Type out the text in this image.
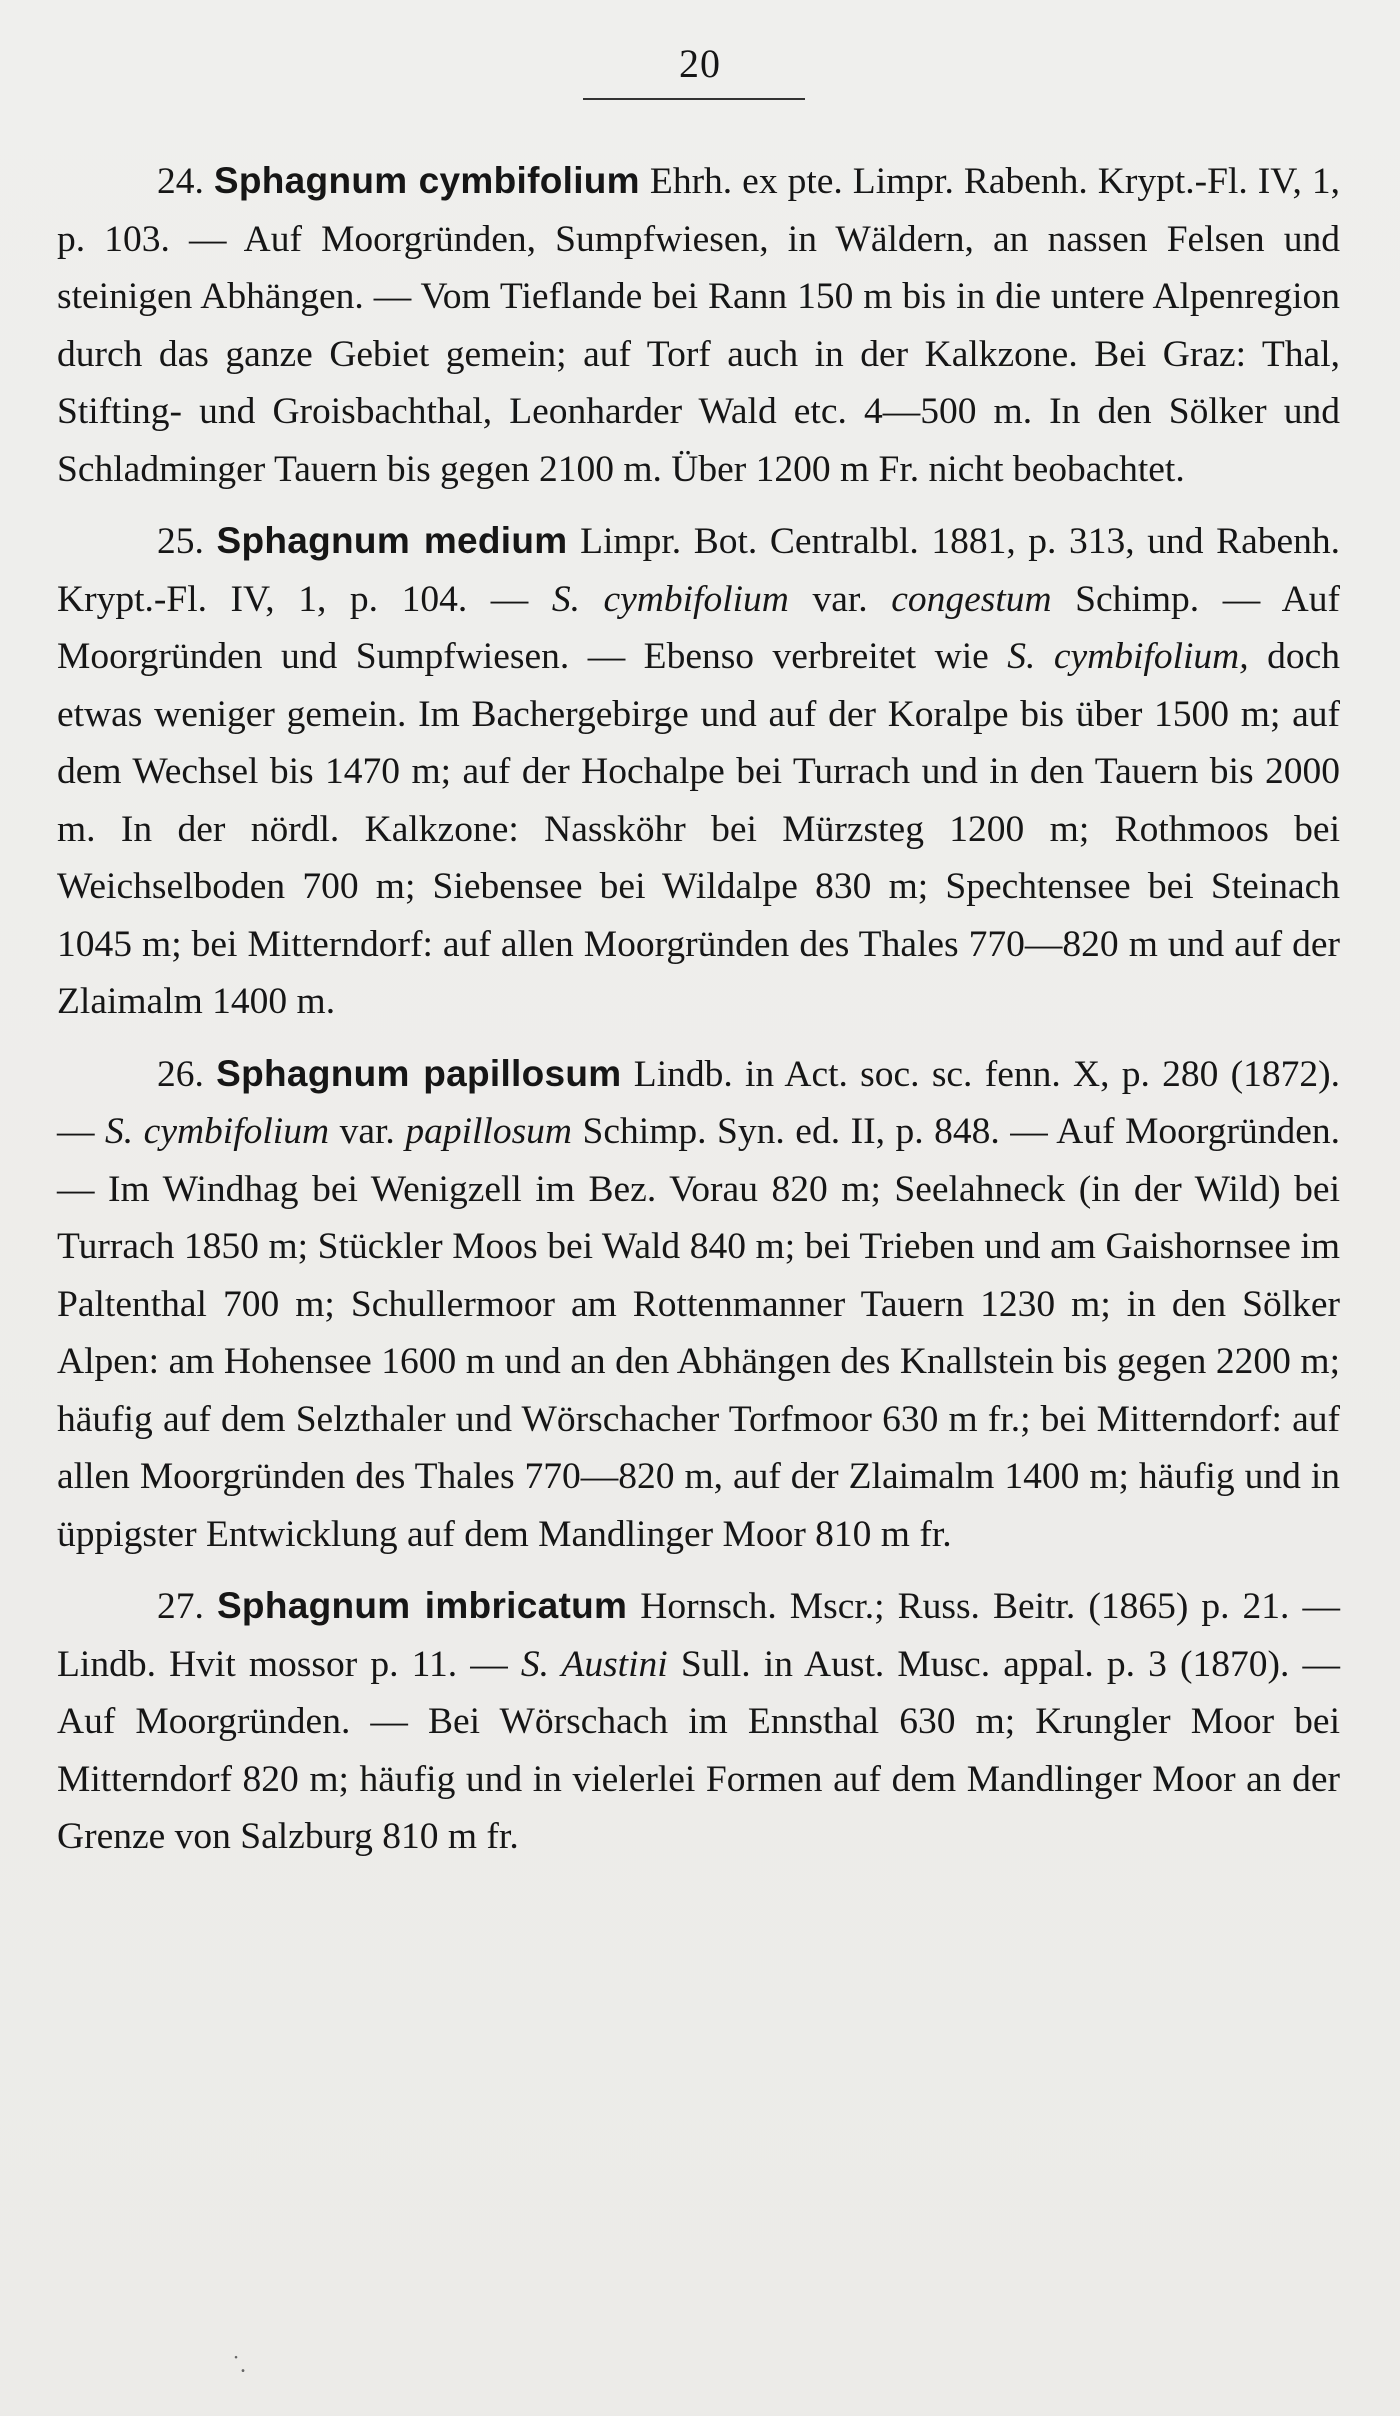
20

24. Sphagnum cymbifolium Ehrh. ex pte. Limpr. Rabenh. Krypt.-Fl. IV, 1, p. 103. — Auf Moorgründen, Sumpfwiesen, in Wäldern, an nassen Felsen und steinigen Abhängen. — Vom Tieflande bei Rann 150 m bis in die untere Alpenregion durch das ganze Gebiet gemein; auf Torf auch in der Kalkzone. Bei Graz: Thal, Stifting- und Groisbachthal, Leonharder Wald etc. 4—500 m. In den Sölker und Schladminger Tauern bis gegen 2100 m. Über 1200 m Fr. nicht beobachtet.

25. Sphagnum medium Limpr. Bot. Centralbl. 1881, p. 313, und Rabenh. Krypt.-Fl. IV, 1, p. 104. — S. cymbifolium var. congestum Schimp. — Auf Moorgründen und Sumpfwiesen. — Ebenso verbreitet wie S. cymbifolium, doch etwas weniger gemein. Im Bachergebirge und auf der Koralpe bis über 1500 m; auf dem Wechsel bis 1470 m; auf der Hochalpe bei Turrach und in den Tauern bis 2000 m. In der nördl. Kalkzone: Nassköhr bei Mürzsteg 1200 m; Rothmoos bei Weichselboden 700 m; Siebensee bei Wildalpe 830 m; Spechtensee bei Steinach 1045 m; bei Mitterndorf: auf allen Moorgründen des Thales 770—820 m und auf der Zlaimalm 1400 m.

26. Sphagnum papillosum Lindb. in Act. soc. sc. fenn. X, p. 280 (1872). — S. cymbifolium var. papillosum Schimp. Syn. ed. II, p. 848. — Auf Moorgründen. — Im Windhag bei Wenigzell im Bez. Vorau 820 m; Seelahneck (in der Wild) bei Turrach 1850 m; Stückler Moos bei Wald 840 m; bei Trieben und am Gaishornsee im Paltenthal 700 m; Schullermoor am Rottenmanner Tauern 1230 m; in den Sölker Alpen: am Hohensee 1600 m und an den Abhängen des Knallstein bis gegen 2200 m; häufig auf dem Selzthaler und Wörschacher Torfmoor 630 m fr.; bei Mitterndorf: auf allen Moorgründen des Thales 770—820 m, auf der Zlaimalm 1400 m; häufig und in üppigster Entwicklung auf dem Mandlinger Moor 810 m fr.

27. Sphagnum imbricatum Hornsch. Mscr.; Russ. Beitr. (1865) p. 21. — Lindb. Hvit mossor p. 11. — S. Austini Sull. in Aust. Musc. appal. p. 3 (1870). — Auf Moorgründen. — Bei Wörschach im Ennsthal 630 m; Krungler Moor bei Mitterndorf 820 m; häufig und in vielerlei Formen auf dem Mandlinger Moor an der Grenze von Salzburg 810 m fr.

˙.
